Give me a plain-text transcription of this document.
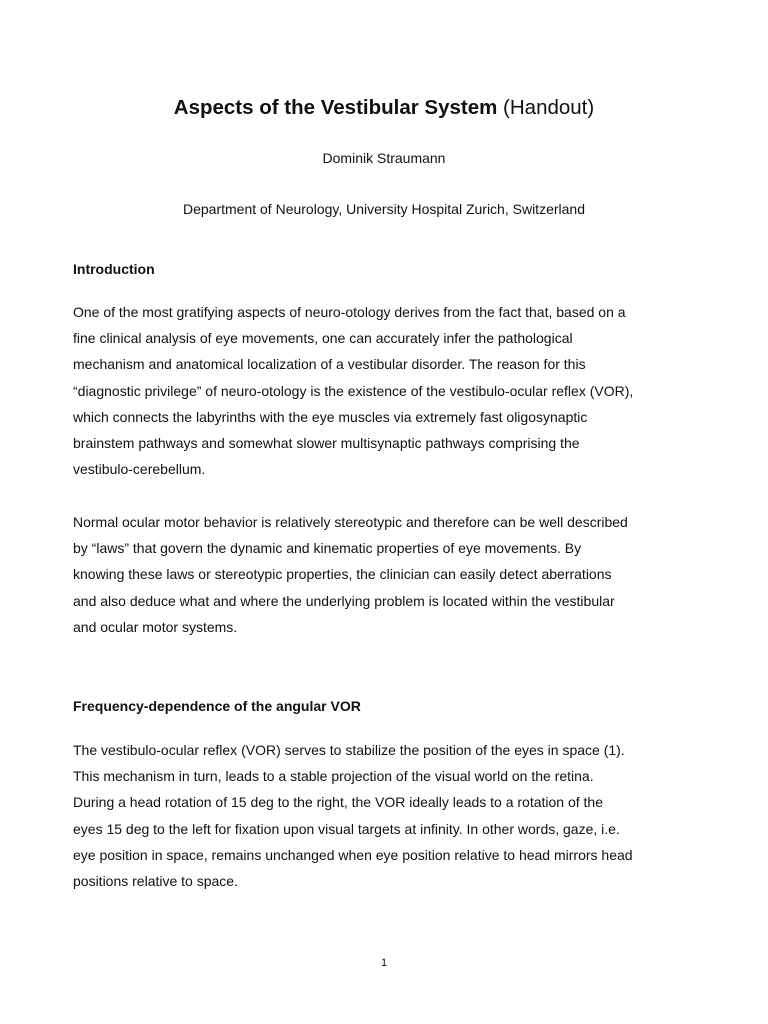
Aspects of the Vestibular System (Handout)
Dominik Straumann
Department of Neurology, University Hospital Zurich, Switzerland
Introduction

One of the most gratifying aspects of neuro-otology derives from the fact that, based on a
fine clinical analysis of eye movements, one can accurately infer the pathological
mechanism and anatomical localization of a vestibular disorder. The reason for this
“diagnostic privilege” of neuro-otology is the existence of the vestibulo-ocular reflex (VOR),
which connects the labyrinths with the eye muscles via extremely fast oligosynaptic
brainstem pathways and somewhat slower multisynaptic pathways comprising the
vestibulo-cerebellum.

Normal ocular motor behavior is relatively stereotypic and therefore can be well described
by “laws” that govern the dynamic and kinematic properties of eye movements. By
knowing these laws or stereotypic properties, the clinician can easily detect aberrations
and also deduce what and where the underlying problem is located within the vestibular
and ocular motor systems.

Frequency-dependence of the angular VOR

The vestibulo-ocular reflex (VOR) serves to stabilize the position of the eyes in space (1).
This mechanism in turn, leads to a stable projection of the visual world on the retina.
During a head rotation of 15 deg to the right, the VOR ideally leads to a rotation of the
eyes 15 deg to the left for fixation upon visual targets at infinity. In other words, gaze, i.e.
eye position in space, remains unchanged when eye position relative to head mirrors head
positions relative to space.

1
